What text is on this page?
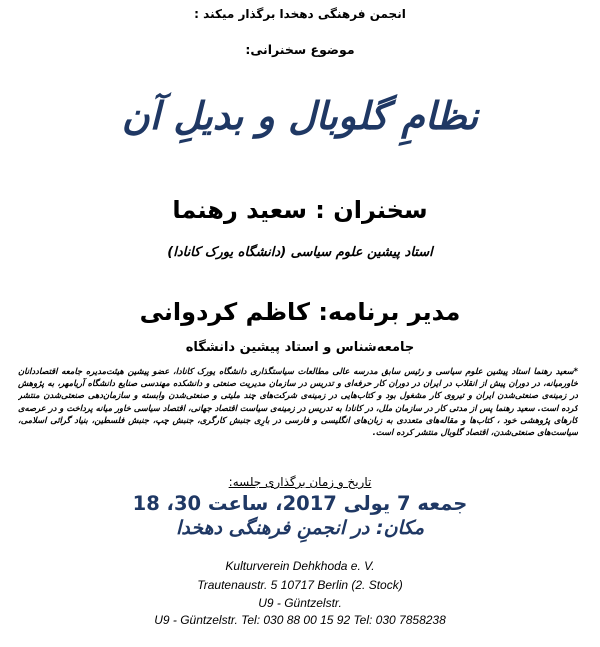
انجمن فرهنگی دهخدا برگذار میکند :
موضوع سخنرانی:
نظامِ گلوبال و بدیلِ آن
سخنران : سعید رهنما
استاد پیشین علوم سیاسی (دانشگاه یورک کانادا)
مدیر برنامه: کاظم کردوانی
جامعه‌شناس و استاد پیشین دانشگاه
*سعید رهنما استاد پیشین علوم سیاسی و رئیس سابق مدرسه عالی مطالعات سیاستگذاری دانشگاه یورک کانادا، عضو پیشین هیئت‌مدیره جامعه اقتصاددانان خاورمیانه، در دوران پیش از انقلاب در ایران در دوران کار حرفه‌ای و تدریس در سازمان مدیریت صنعتی و دانشکده مهندسی صنایع دانشگاه آریامهر، به پژوهش در زمینه‌ی صنعتی‌شدن ایران و تیروی کار مشغول بود و کتاب‌هایی در زمینه‌ی شرکت‌های چند ملیتی و صنعتی‌شدن وابسته و سازمان‌دهی صنعتی‌شدن منتشر کرده است. سعید رهنما پس از مدتی کار در سازمان ملل، در کانادا به تدریس در زمینه‌ی سیاست اقتصاد جهانی، اقتصاد سیاسی خاور میانه پرداخت و در عرصه‌ی کارهای پژوهشی خود ، کتاب‌ها و مقاله‌های متعددی به زبان‌های انگلیسی و فارسی در بارِی جنبش کارگری، جنبش چپ، جنبش فلسطین، بنیاد گرائی اسلامی، سیاست‌های صنعتی‌شدن، اقتصاد گلوبال منتشر کرده است.
تاریخ و زمان برگذاری جلسه:
جمعه 7 یولی 2017، ساعت 30، 18
مکان: در انجمنِ فرهنگی دهخدا
Kulturverein Dehkhoda e. V.
Trautenaustr. 5 10717 Berlin (2. Stock)
U9 - Güntzelstr.
U9 - Güntzelstr. Tel: 030 88 00 15 92 Tel: 030 7858238
